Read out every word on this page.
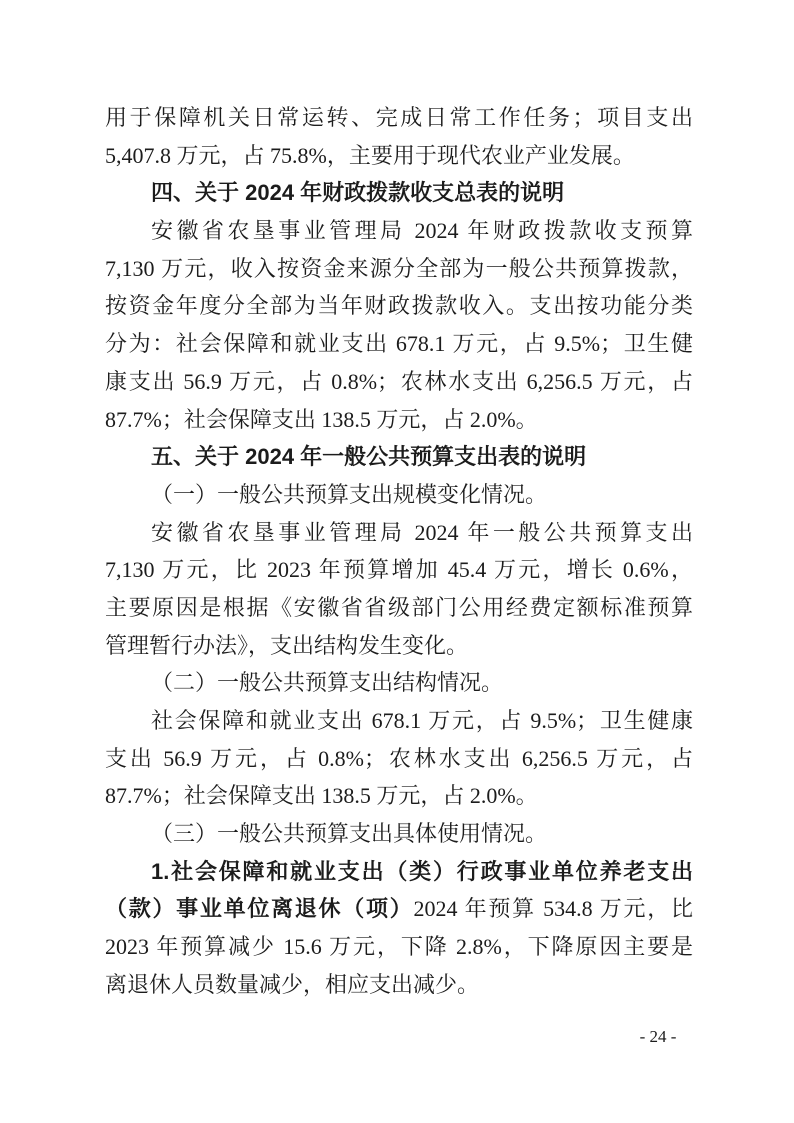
用于保障机关日常运转、完成日常工作任务；项目支出
5,407.8 万元，占 75.8%，主要用于现代农业产业发展。
四、关于 2024 年财政拨款收支总表的说明
安徽省农垦事业管理局 2024 年财政拨款收支预算
7,130 万元，收入按资金来源分全部为一般公共预算拨款，
按资金年度分全部为当年财政拨款收入。支出按功能分类
分为：社会保障和就业支出 678.1 万元，占 9.5%；卫生健
康支出 56.9 万元，占 0.8%；农林水支出 6,256.5 万元，占
87.7%；社会保障支出 138.5 万元，占 2.0%。
五、关于 2024 年一般公共预算支出表的说明
（一）一般公共预算支出规模变化情况。
安徽省农垦事业管理局 2024 年一般公共预算支出
7,130 万元，比 2023 年预算增加 45.4 万元，增长 0.6%，
主要原因是根据《安徽省省级部门公用经费定额标准预算
管理暂行办法》，支出结构发生变化。
（二）一般公共预算支出结构情况。
社会保障和就业支出 678.1 万元，占 9.5%；卫生健康
支出 56.9 万元，占 0.8%；农林水支出 6,256.5 万元，占
87.7%；社会保障支出 138.5 万元，占 2.0%。
（三）一般公共预算支出具体使用情况。
1.社会保障和就业支出（类）行政事业单位养老支出
（款）事业单位离退休（项）2024 年预算 534.8 万元，比
2023 年预算减少 15.6 万元，下降 2.8%，下降原因主要是
离退休人员数量减少，相应支出减少。
- 24 -
